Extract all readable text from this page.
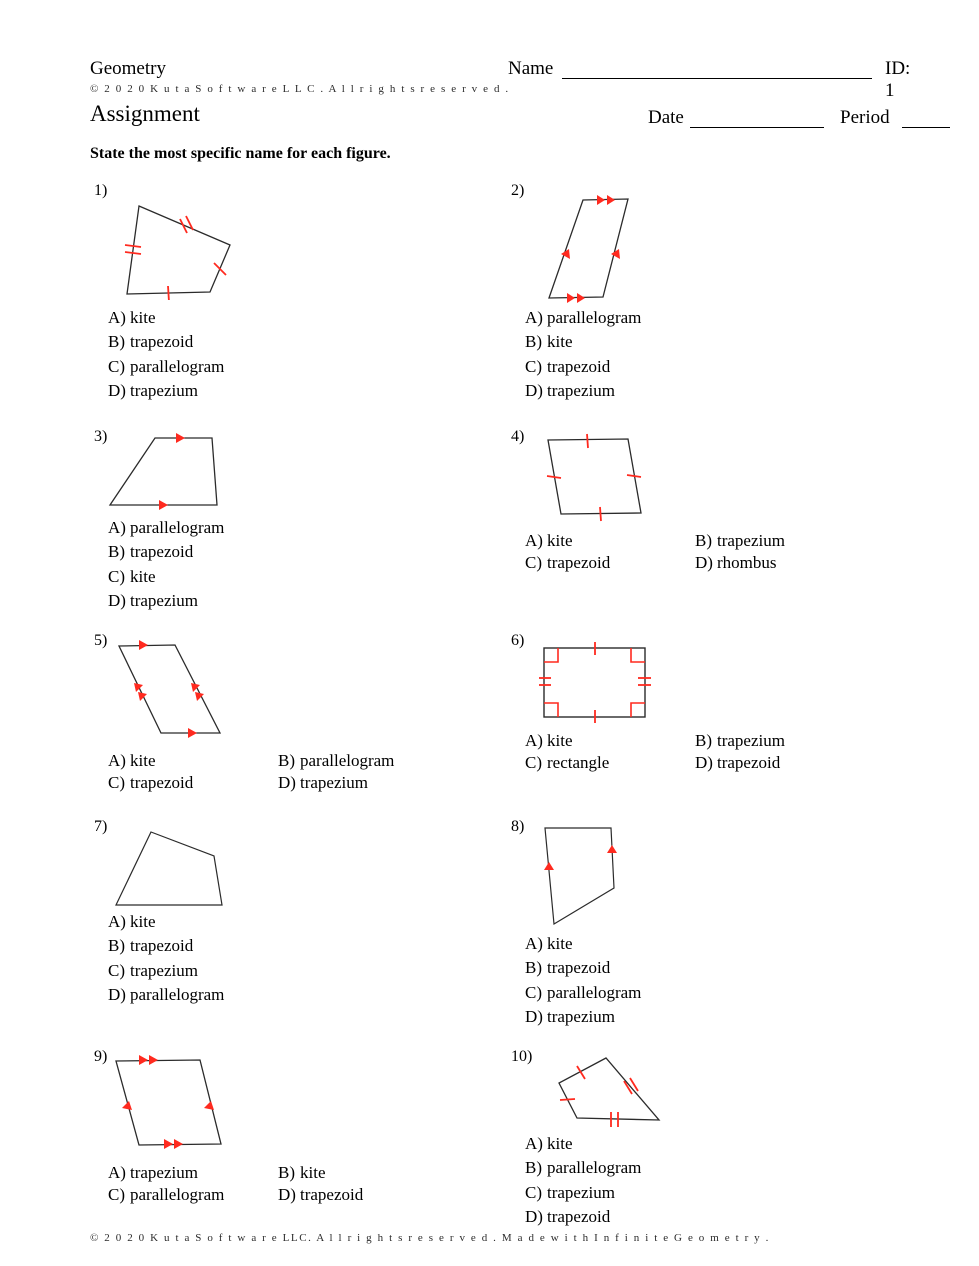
Geometry
© 2 0 2 0 K u t a S o f t w a r e L L C . A l l r i g h t s r e s e r v e d .
Assignment
Name	ID: 1
Date	Period
State the most specific name for each figure.
1)
A) kite
B) trapezoid
C) parallelogram
D) trapezium
2)
A) parallelogram
B) kite
C) trapezoid
D) trapezium
3)
A) parallelogram
B) trapezoid
C) kite
D) trapezium
4)
A) kite	B) trapezium
C) trapezoid	D) rhombus
5)
A) kite	B) parallelogram
C) trapezoid	D) trapezium
6)
A) kite	B) trapezium
C) rectangle	D) trapezoid
7)
A) kite
B) trapezoid
C) trapezium
D) parallelogram
8)
A) kite
B) trapezoid
C) parallelogram
D) trapezium
9)
A) trapezium	B) kite
C) parallelogram	D) trapezoid
10)
A) kite
B) parallelogram
C) trapezium
D) trapezoid
© 2 0 2 0 K u t a S o f t w a r e LLC. A l l r i g h t s r e s e r v e d . M a d e w i t h I n f i n i t e G e o m e t r y .
